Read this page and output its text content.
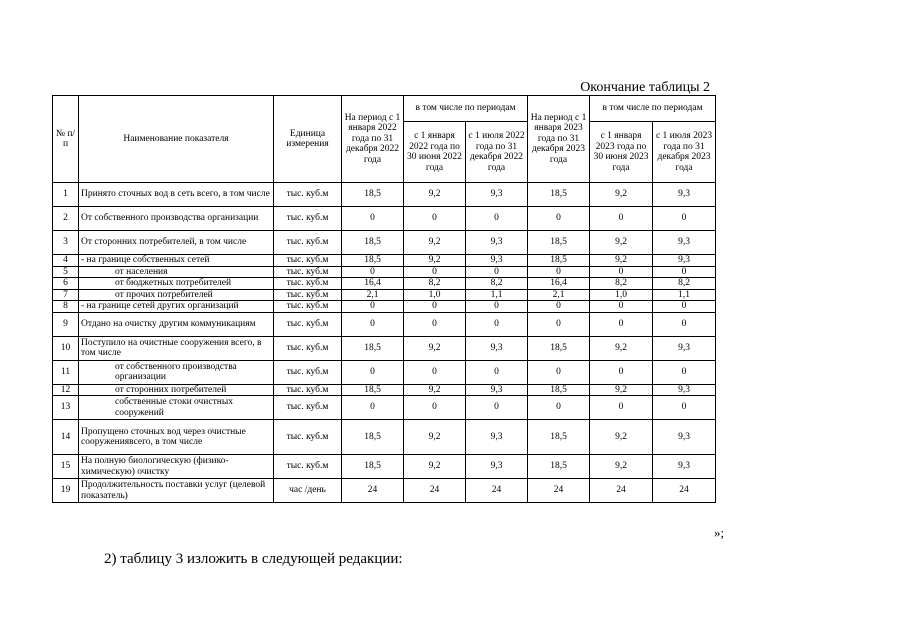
Окончание таблицы 2
№ п/п	Наименование показателя	Единица измерения	На период с 1 января 2022 года по 31 декабря 2022 года	в том числе по периодам		На период с 1 января 2023 года по 31 декабря 2023 года	в том числе по периодам	
				с 1 января 2022 года по 30 июня 2022 года	с 1 июля 2022 года по 31 декабря 2022 года		с 1 января 2023 года по 30 июня 2023 года	с 1 июля 2023 года по 31 декабря 2023 года
1	Принято сточных вод в сеть всего, в том числе	тыс. куб.м	18,5	9,2	9,3	18,5	9,2	9,3
2	От собственного производства организации	тыс. куб.м	0	0	0	0	0	0
3	От сторонних потребителей, в том числе	тыс. куб.м	18,5	9,2	9,3	18,5	9,2	9,3
4	- на границе собственных сетей	тыс. куб.м	18,5	9,2	9,3	18,5	9,2	9,3
5	от населения	тыс. куб.м	0	0	0	0	0	0
6	от бюджетных потребителей	тыс. куб.м	16,4	8,2	8,2	16,4	8,2	8,2
7	от прочих потребителей	тыс. куб.м	2,1	1,0	1,1	2,1	1,0	1,1
8	- на границе сетей других организаций	тыс. куб.м	0	0	0	0	0	0
9	Отдано на очистку другим коммуникациям	тыс. куб.м	0	0	0	0	0	0
10	Поступило на очистные сооружения всего, в том числе	тыс. куб.м	18,5	9,2	9,3	18,5	9,2	9,3
11	от собственного производства организации	тыс. куб.м	0	0	0	0	0	0
12	от сторонних потребителей	тыс. куб.м	18,5	9,2	9,3	18,5	9,2	9,3
13	собственные стоки очистных сооружений	тыс. куб.м	0	0	0	0	0	0
14	Пропущено сточных вод через очистные сооруженияв​сего, в том числе	тыс. куб.м	18,5	9,2	9,3	18,5	9,2	9,3
15	На полную биологическую (физико-химическую) очистку	тыс. куб.м	18,5	9,2	9,3	18,5	9,2	9,3
19	Продолжительность поставки услуг (целевой показатель)	час /день	24	24	24	24	24	24
»;
2) таблицу 3 изложить в следующей редакции:
